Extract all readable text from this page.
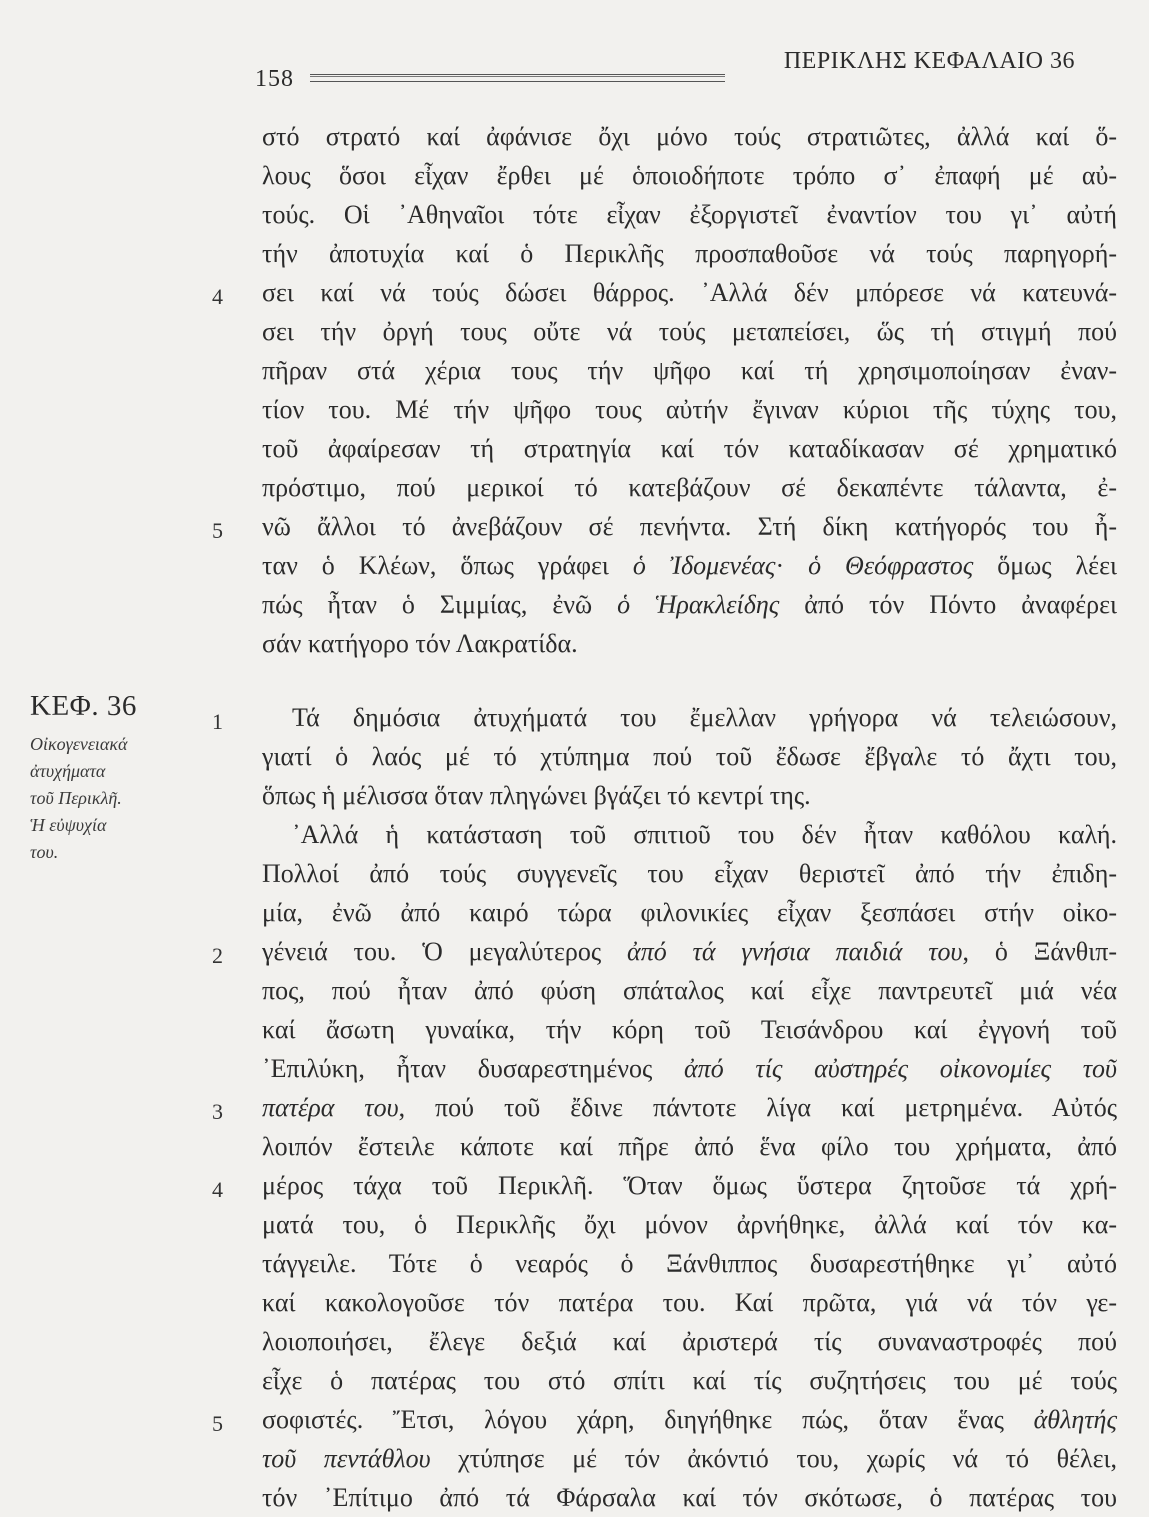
158
ΠΕΡΙΚΛΗΣ ΚΕΦΑΛΑΙΟ 36
ΚΕΦ. 36
Οἰκογενειακά
ἀτυχήματα
τοῦ Περικλῆ.
Ἡ εὐψυχία
του.
στό στρατό καί ἀφάνισε ὄχι μόνο τούς στρατιῶτες, ἀλλά καί ὅ-
λους ὅσοι εἶχαν ἔρθει μέ ὁποιοδήποτε τρόπο σ᾿ ἐπαφή μέ αὐ-
τούς. Οἱ ᾿Αθηναῖοι τότε εἶχαν ἐξοργιστεῖ ἐναντίον του γι᾿ αὐτή
τήν ἀποτυχία καί ὁ Περικλῆς προσπαθοῦσε νά τούς παρηγορή-
4 σει καί νά τούς δώσει θάρρος. ᾿Αλλά δέν μπόρεσε νά κατευνά-
σει τήν ὀργή τους οὔτε νά τούς μεταπείσει, ὥς τή στιγμή πού
πῆραν στά χέρια τους τήν ψῆφο καί τή χρησιμοποίησαν ἐναν-
τίον του. Μέ τήν ψῆφο τους αὐτήν ἔγιναν κύριοι τῆς τύχης του,
τοῦ ἀφαίρεσαν τή στρατηγία καί τόν καταδίκασαν σέ χρηματικό
πρόστιμο, πού μερικοί τό κατεβάζουν σέ δεκαπέντε τάλαντα, ἐ-
5 νῶ ἄλλοι τό ἀνεβάζουν σέ πενήντα. Στή δίκη κατήγορός του ἦ-
ταν ὁ Κλέων, ὅπως γράφει ὁ Ἰδομενέας· ὁ Θεόφραστος ὅμως λέει
πώς ἦταν ὁ Σιμμίας, ἐνῶ ὁ Ἡρακλείδης ἀπό τόν Πόντο ἀναφέρει
σάν κατήγορο τόν Λακρατίδα.
1	Τά δημόσια ἀτυχήματά του ἔμελλαν γρήγορα νά τελειώσουν,
γιατί ὁ λαός μέ τό χτύπημα πού τοῦ ἔδωσε ἔβγαλε τό ἄχτι του,
ὅπως ἡ μέλισσα ὅταν πληγώνει βγάζει τό κεντρί της.
᾿Αλλά ἡ κατάσταση τοῦ σπιτιοῦ του δέν ἦταν καθόλου καλή.
Πολλοί ἀπό τούς συγγενεῖς του εἶχαν θεριστεῖ ἀπό τήν ἐπιδη-
μία, ἐνῶ ἀπό καιρό τώρα φιλονικίες εἶχαν ξεσπάσει στήν οἰκο-
2 γένειά του. Ὁ μεγαλύτερος ἀπό τά γνήσια παιδιά του, ὁ Ξάνθιπ-
πος, πού ἦταν ἀπό φύση σπάταλος καί εἶχε παντρευτεῖ μιά νέα
καί ἄσωτη γυναίκα, τήν κόρη τοῦ Τεισάνδρου καί ἐγγονή τοῦ
᾿Επιλύκη, ἦταν δυσαρεστημένος ἀπό τίς αὐστηρές οἰκονομίες τοῦ
3 πατέρα του, πού τοῦ ἔδινε πάντοτε λίγα καί μετρημένα. Αὐτός
λοιπόν ἔστειλε κάποτε καί πῆρε ἀπό ἕνα φίλο του χρήματα, ἀπό
4 μέρος τάχα τοῦ Περικλῆ. Ὅταν ὅμως ὕστερα ζητοῦσε τά χρή-
ματά του, ὁ Περικλῆς ὄχι μόνον ἀρνήθηκε, ἀλλά καί τόν κα-
τάγγειλε. Τότε ὁ νεαρός ὁ Ξάνθιππος δυσαρεστήθηκε γι᾿ αὐτό
καί κακολογοῦσε τόν πατέρα του. Καί πρῶτα, γιά νά τόν γε-
λοιοποιήσει, ἔλεγε δεξιά καί ἀριστερά τίς συναναστροφές πού
εἶχε ὁ πατέρας του στό σπίτι καί τίς συζητήσεις του μέ τούς
5 σοφιστές. Ἔτσι, λόγου χάρη, διηγήθηκε πώς, ὅταν ἕνας ἀθλητής
τοῦ πεντάθλου χτύπησε μέ τόν ἀκόντιό του, χωρίς νά τό θέλει,
τόν ᾿Επίτιμο ἀπό τά Φάρσαλα καί τόν σκότωσε, ὁ πατέρας του
